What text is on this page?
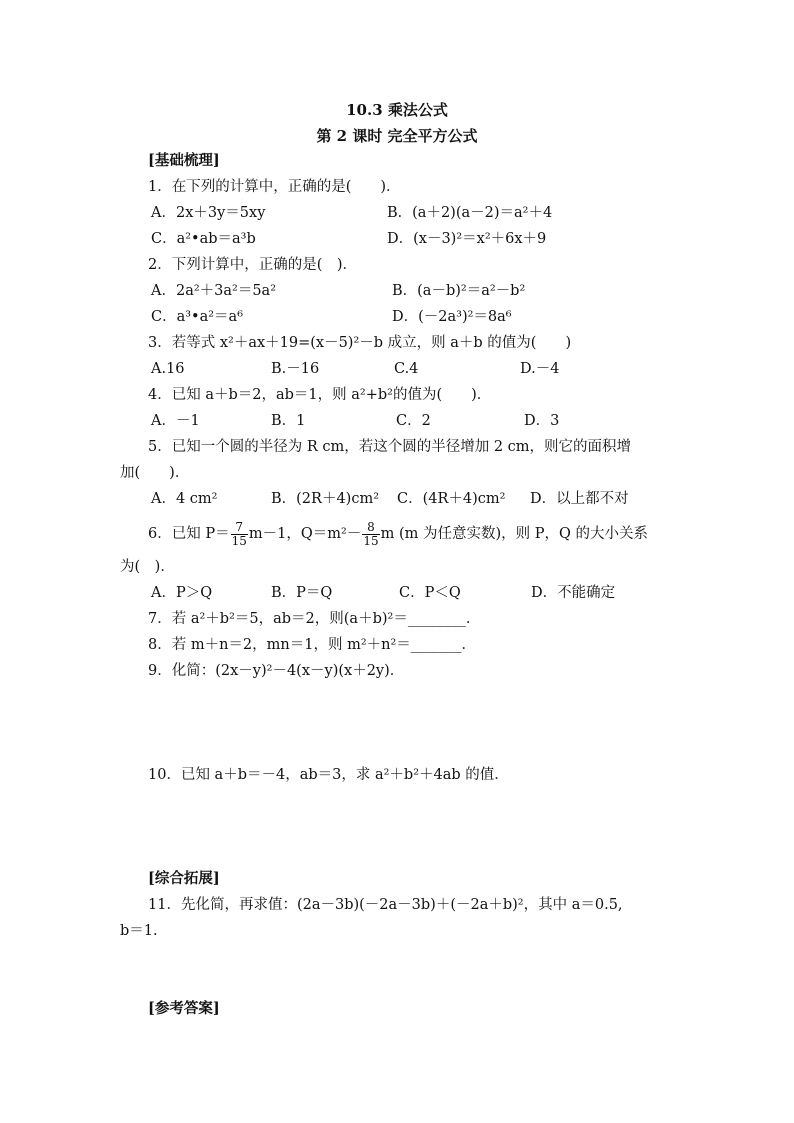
10.3 乘法公式
第 2 课时 完全平方公式
[基础梳理]
1．在下列的计算中，正确的是(　　)．
A．2x＋3y＝5xy	B．(a＋2)(a－2)＝a²＋4
C．a²•ab＝a³b	D．(x－3)²＝x²＋6x＋9
2．下列计算中，正确的是(　)．
A．2a²＋3a²＝5a²	B．(a－b)²＝a²－b²
C．a³•a²＝a⁶	D．(－2a³)²＝8a⁶
3．若等式 x²＋ax＋19=(x－5)²－b 成立，则 a＋b 的值为(　　)
A.16	B.－16	C.4	D.－4
4．已知 a＋b＝2，ab＝1，则 a²+b²的值为(　　)．
A．－1	B．1	C．2	D．3
5．已知一个圆的半径为 R cm，若这个圆的半径增加 2 cm，则它的面积增
加(　　)．
A．4 cm²	B．(2R＋4)cm² C．(4R＋4)cm² D．以上都不对
6．已知 $P= \frac{7}{15} m-1$，$Q=m^2- \frac{8}{15}$ m (m 为任意实数)，则 P，Q 的大小关系
为(　)．
A．P＞Q	B．P＝Q	C．P＜Q	D．不能确定
7．若 a²＋b²＝5，ab＝2，则(a＋b)²＝________．
8．若 m＋n＝2，mn＝1，则 m²＋n²＝_______．
9．化简：(2x－y)²－4(x－y)(x＋2y)．
10．已知 a＋b＝－4，ab＝3，求 a²＋b²＋4ab 的值．
[综合拓展]
11．先化简，再求值：(2a－3b)(－2a－3b)＋(－2a＋b)²，其中 a＝0.5,
b＝1.
[参考答案]
